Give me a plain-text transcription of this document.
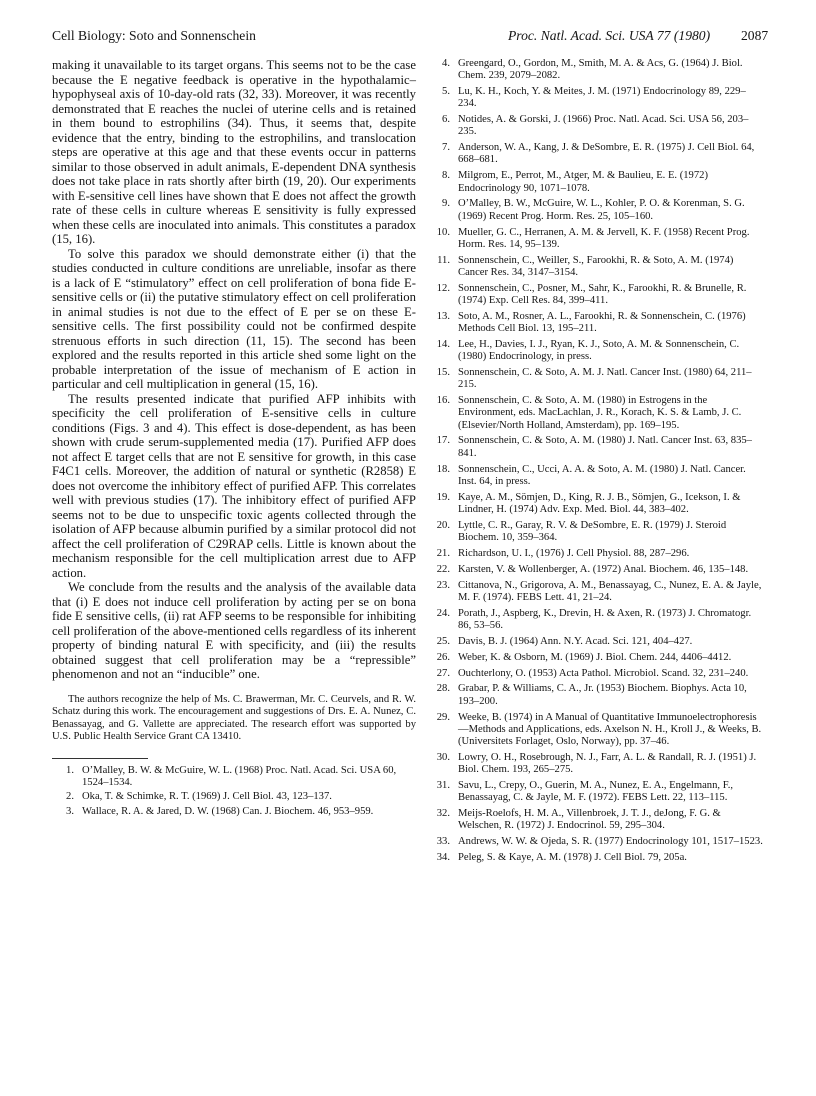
Cell Biology: Soto and Sonnenschein	Proc. Natl. Acad. Sci. USA 77 (1980) 2087

making it unavailable to its target organs. This seems not to be the case because the E negative feedback is operative in the hypothalamic–hypophyseal axis of 10-day-old rats (32, 33). Moreover, it was recently demonstrated that E reaches the nuclei of uterine cells and is retained in them bound to estrophilins (34). Thus, it seems that, despite evidence that the entry, binding to the estrophilins, and translocation steps are operative at this age and that these events occur in patterns similar to those observed in adult animals, E-dependent DNA synthesis does not take place in rats shortly after birth (19, 20). Our experiments with E-sensitive cell lines have shown that E does not affect the growth rate of these cells in culture whereas E sensitivity is fully expressed when these cells are inoculated into animals. This constitutes a paradox (15, 16).

To solve this paradox we should demonstrate either (i) that the studies conducted in culture conditions are unreliable, insofar as there is a lack of E “stimulatory” effect on cell proliferation of bona fide E-sensitive cells or (ii) the putative stimulatory effect on cell proliferation in animal studies is not due to the effect of E per se on these E-sensitive cells. The first possibility could not be confirmed despite strenuous efforts in such direction (11, 15). The second has been explored and the results reported in this article shed some light on the probable interpretation of the issue of mechanism of E action in particular and cell multiplication in general (15, 16).

The results presented indicate that purified AFP inhibits with specificity the cell proliferation of E-sensitive cells in culture conditions (Figs. 3 and 4). This effect is dose-dependent, as has been shown with crude serum-supplemented media (17). Purified AFP does not affect E target cells that are not E sensitive for growth, in this case F4C1 cells. Moreover, the addition of natural or synthetic (R2858) E does not overcome the inhibitory effect of purified AFP. This correlates well with previous studies (17). The inhibitory effect of purified AFP seems not to be due to unspecific toxic agents collected through the isolation of AFP because albumin purified by a similar protocol did not affect the cell proliferation of C29RAP cells. Little is known about the mechanism responsible for the cell multiplication arrest due to AFP action.

We conclude from the results and the analysis of the available data that (i) E does not induce cell proliferation by acting per se on bona fide E sensitive cells, (ii) rat AFP seems to be responsible for inhibiting cell proliferation of the above-mentioned cells regardless of its inherent property of binding natural E with specificity, and (iii) the results obtained suggest that cell proliferation may be a “repressible” phenomenon and not an “inducible” one.

The authors recognize the help of Ms. C. Brawerman, Mr. C. Ceurvels, and R. W. Schatz during this work. The encouragement and suggestions of Drs. E. A. Nunez, C. Benassayag, and G. Vallette are appreciated. The research effort was supported by U.S. Public Health Service Grant CA 13410.

1. O’Malley, B. W. & McGuire, W. L. (1968) Proc. Natl. Acad. Sci. USA 60, 1524–1534.
2. Oka, T. & Schimke, R. T. (1969) J. Cell Biol. 43, 123–137.
3. Wallace, R. A. & Jared, D. W. (1968) Can. J. Biochem. 46, 953–959.
4. Greengard, O., Gordon, M., Smith, M. A. & Acs, G. (1964) J. Biol. Chem. 239, 2079–2082.
5. Lu, K. H., Koch, Y. & Meites, J. M. (1971) Endocrinology 89, 229–234.
6. Notides, A. & Gorski, J. (1966) Proc. Natl. Acad. Sci. USA 56, 203–235.
7. Anderson, W. A., Kang, J. & DeSombre, E. R. (1975) J. Cell Biol. 64, 668–681.
8. Milgrom, E., Perrot, M., Atger, M. & Baulieu, E. E. (1972) Endocrinology 90, 1071–1078.
9. O’Malley, B. W., McGuire, W. L., Kohler, P. O. & Korenman, S. G. (1969) Recent Prog. Horm. Res. 25, 105–160.
10. Mueller, G. C., Herranen, A. M. & Jervell, K. F. (1958) Recent Prog. Horm. Res. 14, 95–139.
11. Sonnenschein, C., Weiller, S., Farookhi, R. & Soto, A. M. (1974) Cancer Res. 34, 3147–3154.
12. Sonnenschein, C., Posner, M., Sahr, K., Farookhi, R. & Brunelle, R. (1974) Exp. Cell Res. 84, 399–411.
13. Soto, A. M., Rosner, A. L., Farookhi, R. & Sonnenschein, C. (1976) Methods Cell Biol. 13, 195–211.
14. Lee, H., Davies, I. J., Ryan, K. J., Soto, A. M. & Sonnenschein, C. (1980) Endocrinology, in press.
15. Sonnenschein, C. & Soto, A. M. J. Natl. Cancer Inst. (1980) 64, 211–215.
16. Sonnenschein, C. & Soto, A. M. (1980) in Estrogens in the Environment, eds. MacLachlan, J. R., Korach, K. S. & Lamb, J. C. (Elsevier/North Holland, Amsterdam), pp. 169–195.
17. Sonnenschein, C. & Soto, A. M. (1980) J. Natl. Cancer Inst. 63, 835–841.
18. Sonnenschein, C., Ucci, A. A. & Soto, A. M. (1980) J. Natl. Cancer. Inst. 64, in press.
19. Kaye, A. M., Sömjen, D., King, R. J. B., Sömjen, G., Icekson, I. & Lindner, H. (1974) Adv. Exp. Med. Biol. 44, 383–402.
20. Lyttle, C. R., Garay, R. V. & DeSombre, E. R. (1979) J. Steroid Biochem. 10, 359–364.
21. Richardson, U. I., (1976) J. Cell Physiol. 88, 287–296.
22. Karsten, V. & Wollenberger, A. (1972) Anal. Biochem. 46, 135–148.
23. Cittanova, N., Grigorova, A. M., Benassayag, C., Nunez, E. A. & Jayle, M. F. (1974). FEBS Lett. 41, 21–24.
24. Porath, J., Aspberg, K., Drevin, H. & Axen, R. (1973) J. Chromatogr. 86, 53–56.
25. Davis, B. J. (1964) Ann. N.Y. Acad. Sci. 121, 404–427.
26. Weber, K. & Osborn, M. (1969) J. Biol. Chem. 244, 4406–4412.
27. Ouchterlony, O. (1953) Acta Pathol. Microbiol. Scand. 32, 231–240.
28. Grabar, P. & Williams, C. A., Jr. (1953) Biochem. Biophys. Acta 10, 193–200.
29. Weeke, B. (1974) in A Manual of Quantitative Immunoelectrophoresis—Methods and Applications, eds. Axelson N. H., Kroll J., & Weeks, B. (Universitets Forlaget, Oslo, Norway), pp. 37–46.
30. Lowry, O. H., Rosebrough, N. J., Farr, A. L. & Randall, R. J. (1951) J. Biol. Chem. 193, 265–275.
31. Savu, L., Crepy, O., Guerin, M. A., Nunez, E. A., Engelmann, F., Benassayag, C. & Jayle, M. F. (1972). FEBS Lett. 22, 113–115.
32. Meijs-Roelofs, H. M. A., Villenbroek, J. T. J., deJong, F. G. & Welschen, R. (1972) J. Endocrinol. 59, 295–304.
33. Andrews, W. W. & Ojeda, S. R. (1977) Endocrinology 101, 1517–1523.
34. Peleg, S. & Kaye, A. M. (1978) J. Cell Biol. 79, 205a.
